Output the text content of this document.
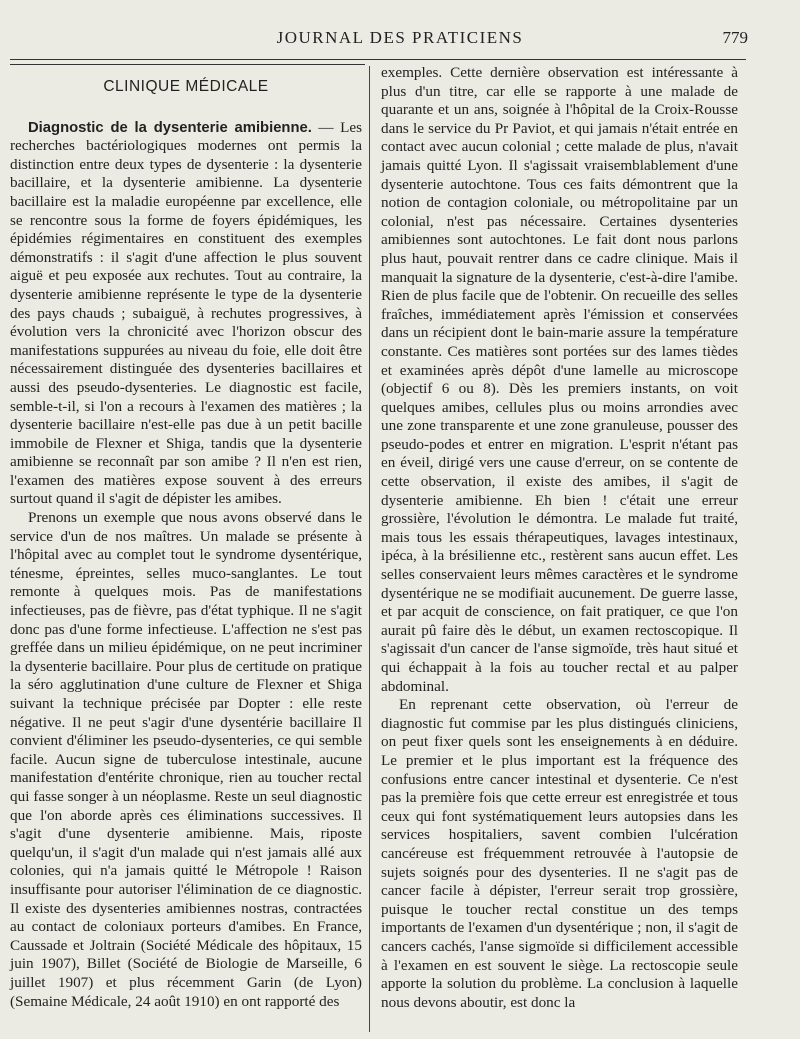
JOURNAL DES PRATICIENS	779
CLINIQUE MÉDICALE

Diagnostic de la dysenterie amibienne. — Les recherches bactériologiques modernes ont permis la distinction entre deux types de dysenterie : la dysenterie bacillaire, et la dysenterie amibienne. La dysenterie bacillaire est la maladie européenne par excellence, elle se rencontre sous la forme de foyers épidémiques, les épidémies régimentaires en constituent des exemples démonstratifs : il s'agit d'une affection le plus souvent aiguë et peu exposée aux rechutes. Tout au contraire, la dysenterie amibienne représente le type de la dysenterie des pays chauds ; subaiguë, à rechutes progressives, à évolution vers la chronicité avec l'horizon obscur des manifestations suppurées au niveau du foie, elle doit être nécessairement distinguée des dysenteries bacillaires et aussi des pseudo-dysenteries. Le diagnostic est facile, semble-t-il, si l'on a recours à l'examen des matières ; la dysenterie bacillaire n'est-elle pas due à un petit bacille immobile de Flexner et Shiga, tandis que la dysenterie amibienne se reconnaît par son amibe ? Il n'en est rien, l'examen des matières expose souvent à des erreurs surtout quand il s'agit de dépister les amibes.

Prenons un exemple que nous avons observé dans le service d'un de nos maîtres. Un malade se présente à l'hôpital avec au complet tout le syndrome dysentérique, ténesme, épreintes, selles muco-sanglantes. Le tout remonte à quelques mois. Pas de manifestations infectieuses, pas de fièvre, pas d'état typhique. Il ne s'agit donc pas d'une forme infectieuse. L'affection ne s'est pas greffée dans un milieu épidémique, on ne peut incriminer la dysenterie bacillaire. Pour plus de certitude on pratique la séro agglutination d'une culture de Flexner et Shiga suivant la technique précisée par Dopter : elle reste négative. Il ne peut s'agir d'une dysentérie bacillaire Il convient d'éliminer les pseudo-dysenteries, ce qui semble facile. Aucun signe de tuberculose intestinale, aucune manifestation d'entérite chronique, rien au toucher rectal qui fasse songer à un néoplasme. Reste un seul diagnostic que l'on aborde après ces éliminations successives. Il s'agit d'une dysenterie amibienne. Mais, riposte quelqu'un, il s'agit d'un malade qui n'est jamais allé aux colonies, qui n'a jamais quitté le Métropole ! Raison insuffisante pour autoriser l'élimination de ce diagnostic. Il existe des dysenteries amibiennes nostras, contractées au contact de coloniaux porteurs d'amibes. En France, Caussade et Joltrain (Société Médicale des hôpitaux, 15 juin 1907), Billet (Société de Biologie de Marseille, 6 juillet 1907) et plus récemment Garin (de Lyon) (Semaine Médicale, 24 août 1910) en ont rapporté des

exemples. Cette dernière observation est intéressante à plus d'un titre, car elle se rapporte à une malade de quarante et un ans, soignée à l'hôpital de la Croix-Rousse dans le service du Pr Paviot, et qui jamais n'était entrée en contact avec aucun colonial ; cette malade de plus, n'avait jamais quitté Lyon. Il s'agissait vraisemblablement d'une dysenterie autochtone. Tous ces faits démontrent que la notion de contagion coloniale, ou métropolitaine par un colonial, n'est pas nécessaire. Certaines dysenteries amibiennes sont autochtones. Le fait dont nous parlons plus haut, pouvait rentrer dans ce cadre clinique. Mais il manquait la signature de la dysenterie, c'est-à-dire l'amibe. Rien de plus facile que de l'obtenir. On recueille des selles fraîches, immédiatement après l'émission et conservées dans un récipient dont le bain-marie assure la température constante. Ces matières sont portées sur des lames tièdes et examinées après dépôt d'une lamelle au microscope (objectif 6 ou 8). Dès les premiers instants, on voit quelques amibes, cellules plus ou moins arrondies avec une zone transparente et une zone granuleuse, pousser des pseudo-podes et entrer en migration. L'esprit n'étant pas en éveil, dirigé vers une cause d'erreur, on se contente de cette observation, il existe des amibes, il s'agit de dysenterie amibienne. Eh bien ! c'était une erreur grossière, l'évolution le démontra. Le malade fut traité, mais tous les essais thérapeutiques, lavages intestinaux, ipéca, à la brésilienne etc., restèrent sans aucun effet. Les selles conservaient leurs mêmes caractères et le syndrome dysentérique ne se modifiait aucunement. De guerre lasse, et par acquit de conscience, on fait pratiquer, ce que l'on aurait pû faire dès le début, un examen rectoscopique. Il s'agissait d'un cancer de l'anse sigmoïde, très haut situé et qui échappait à la fois au toucher rectal et au palper abdominal.

En reprenant cette observation, où l'erreur de diagnostic fut commise par les plus distingués cliniciens, on peut fixer quels sont les enseignements à en déduire. Le premier et le plus important est la fréquence des confusions entre cancer intestinal et dysenterie. Ce n'est pas la première fois que cette erreur est enregistrée et tous ceux qui font systématiquement leurs autopsies dans les services hospitaliers, savent combien l'ulcération cancéreuse est fréquemment retrouvée à l'autopsie de sujets soignés pour des dysenteries. Il ne s'agit pas de cancer facile à dépister, l'erreur serait trop grossière, puisque le toucher rectal constitue un des temps importants de l'examen d'un dysentérique ; non, il s'agit de cancers cachés, l'anse sigmoïde si difficilement accessible à l'examen en est souvent le siège. La rectoscopie seule apporte la solution du problème. La conclusion à laquelle nous devons aboutir, est donc la
